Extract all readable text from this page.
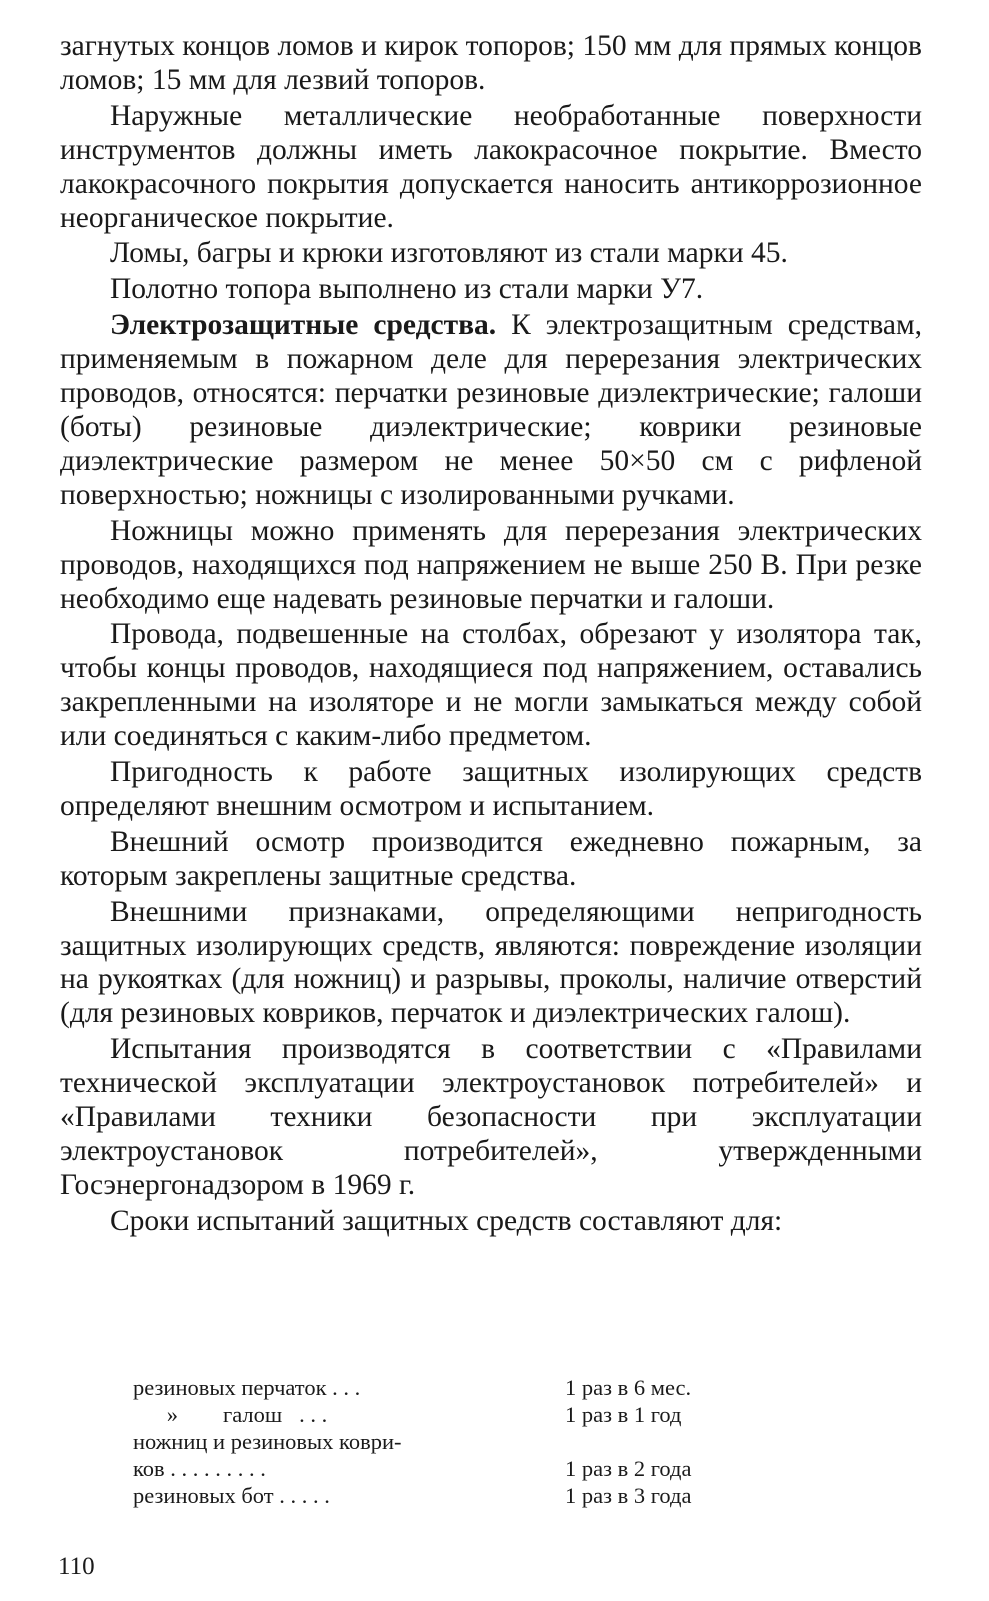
загнутых концов ломов и кирок топоров; 150 мм для прямых концов ломов; 15 мм для лезвий топоров.

Наружные металлические необработанные поверхности инструментов должны иметь лакокрасочное покрытие. Вместо лакокрасочного покрытия допускается наносить антикоррозионное неорганическое покрытие.

Ломы, багры и крюки изготовляют из стали марки 45.

Полотно топора выполнено из стали марки У7.

Электрозащитные средства. К электрозащитным средствам, применяемым в пожарном деле для перерезания электрических проводов, относятся: перчатки резиновые диэлектрические; галоши (боты) резиновые диэлектрические; коврики резиновые диэлектрические размером не менее 50×50 см с рифленой поверхностью; ножницы с изолированными ручками.

Ножницы можно применять для перерезания электрических проводов, находящихся под напряжением не выше 250 В. При резке необходимо еще надевать резиновые перчатки и галоши.

Провода, подвешенные на столбах, обрезают у изолятора так, чтобы концы проводов, находящиеся под напряжением, оставались закрепленными на изоляторе и не могли замыкаться между собой или соединяться с каким-либо предметом.

Пригодность к работе защитных изолирующих средств определяют внешним осмотром и испытанием.

Внешний осмотр производится ежедневно пожарным, за которым закреплены защитные средства.

Внешними признаками, определяющими непригодность защитных изолирующих средств, являются: повреждение изоляции на рукоятках (для ножниц) и разрывы, проколы, наличие отверстий (для резиновых ковриков, перчаток и диэлектрических галош).

Испытания производятся в соответствии с «Правилами технической эксплуатации электроустановок потребителей» и «Правилами техники безопасности при эксплуатации электроустановок потребителей», утвержденными Госэнергонадзором в 1969 г.

Сроки испытаний защитных средств составляют для:

резиновых перчаток . . .	1 раз в 6 мес.
»        галош   . . .	1 раз в 1 год
ножниц и резиновых коври-
ков . . . . . . . . .	1 раз в 2 года
резиновых бот . . . . .	1 раз в 3 года
110
